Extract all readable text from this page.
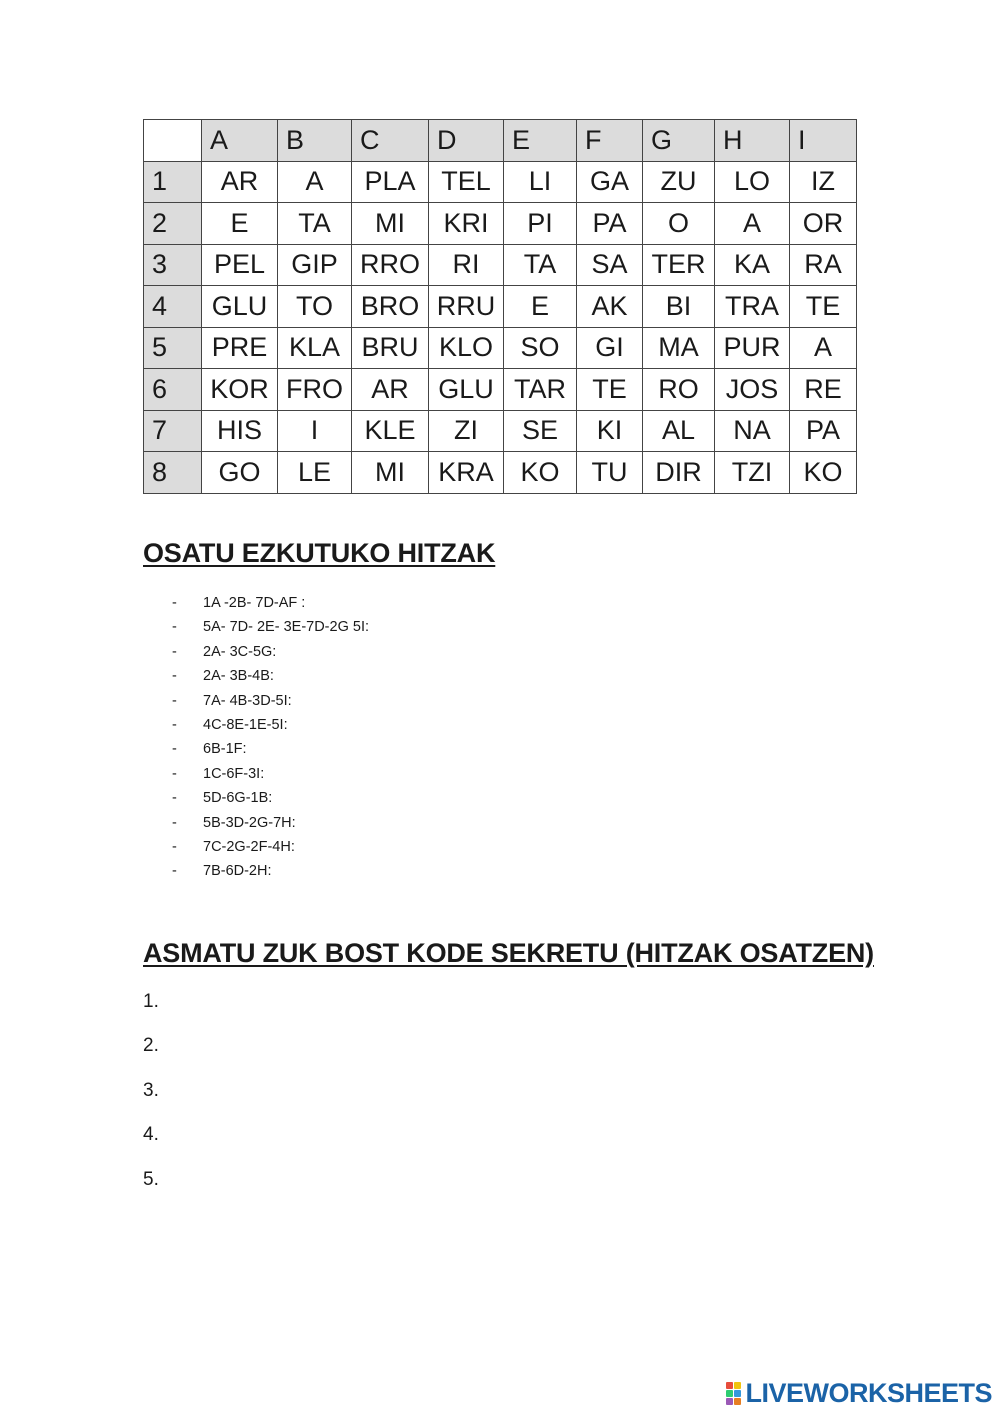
	A	B	C	D	E	F	G	H	I
1	AR	A	PLA	TEL	LI	GA	ZU	LO	IZ
2	E	TA	MI	KRI	PI	PA	O	A	OR
3	PEL	GIP	RRO	RI	TA	SA	TER	KA	RA
4	GLU	TO	BRO	RRU	E	AK	BI	TRA	TE
5	PRE	KLA	BRU	KLO	SO	GI	MA	PUR	A
6	KOR	FRO	AR	GLU	TAR	TE	RO	JOS	RE
7	HIS	I	KLE	ZI	SE	KI	AL	NA	PA
8	GO	LE	MI	KRA	KO	TU	DIR	TZI	KO
OSATU EZKUTUKO HITZAK
-	1A -2B- 7D-AF :
-	5A- 7D- 2E- 3E-7D-2G 5I:
-	2A- 3C-5G:
-	2A- 3B-4B:
-	7A- 4B-3D-5I:
-	4C-8E-1E-5I:
-	6B-1F:
-	1C-6F-3I:
-	5D-6G-1B:
-	5B-3D-2G-7H:
-	7C-2G-2F-4H:
-	7B-6D-2H:
ASMATU ZUK BOST KODE SEKRETU (HITZAK OSATZEN)
1.
2.
3.
4.
5.
LIVEWORKSHEETS
